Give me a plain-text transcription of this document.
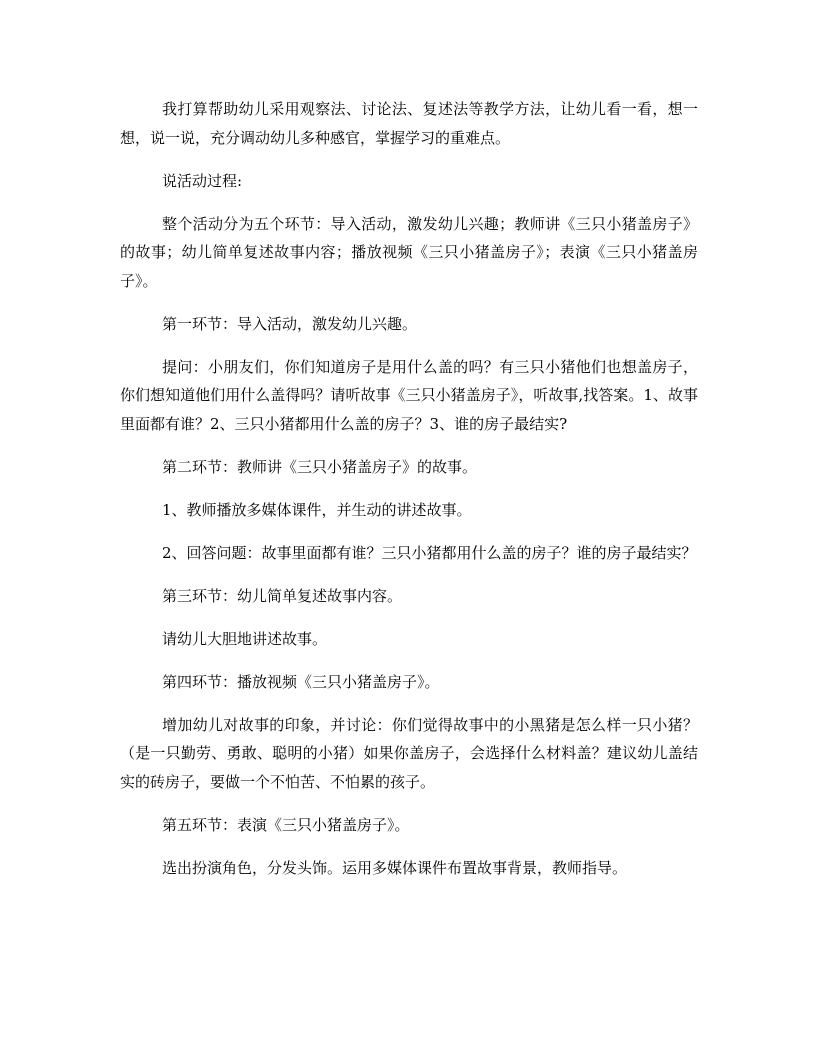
我打算帮助幼儿采用观察法、讨论法、复述法等教学方法，让幼儿看一看，想一想，说一说，充分调动幼儿多种感官，掌握学习的重难点。

说活动过程:

整个活动分为五个环节：导入活动，激发幼儿兴趣；教师讲《三只小猪盖房子》的故事；幼儿简单复述故事内容；播放视频《三只小猪盖房子》；表演《三只小猪盖房子》。

第一环节：导入活动，激发幼儿兴趣。

提问：小朋友们，你们知道房子是用什么盖的吗？有三只小猪他们也想盖房子，你们想知道他们用什么盖得吗？请听故事《三只小猪盖房子》，听故事,找答案。1、故事里面都有谁？2、三只小猪都用什么盖的房子？3、谁的房子最结实?

第二环节：教师讲《三只小猪盖房子》的故事。

1、教师播放多媒体课件，并生动的讲述故事。

2、回答问题：故事里面都有谁？三只小猪都用什么盖的房子？谁的房子最结实？

第三环节：幼儿简单复述故事内容。

请幼儿大胆地讲述故事。

第四环节：播放视频《三只小猪盖房子》。

增加幼儿对故事的印象，并讨论：你们觉得故事中的小黑猪是怎么样一只小猪？（是一只勤劳、勇敢、聪明的小猪）如果你盖房子，会选择什么材料盖？建议幼儿盖结实的砖房子，要做一个不怕苦、不怕累的孩子。

第五环节：表演《三只小猪盖房子》。

选出扮演角色，分发头饰。运用多媒体课件布置故事背景，教师指导。
